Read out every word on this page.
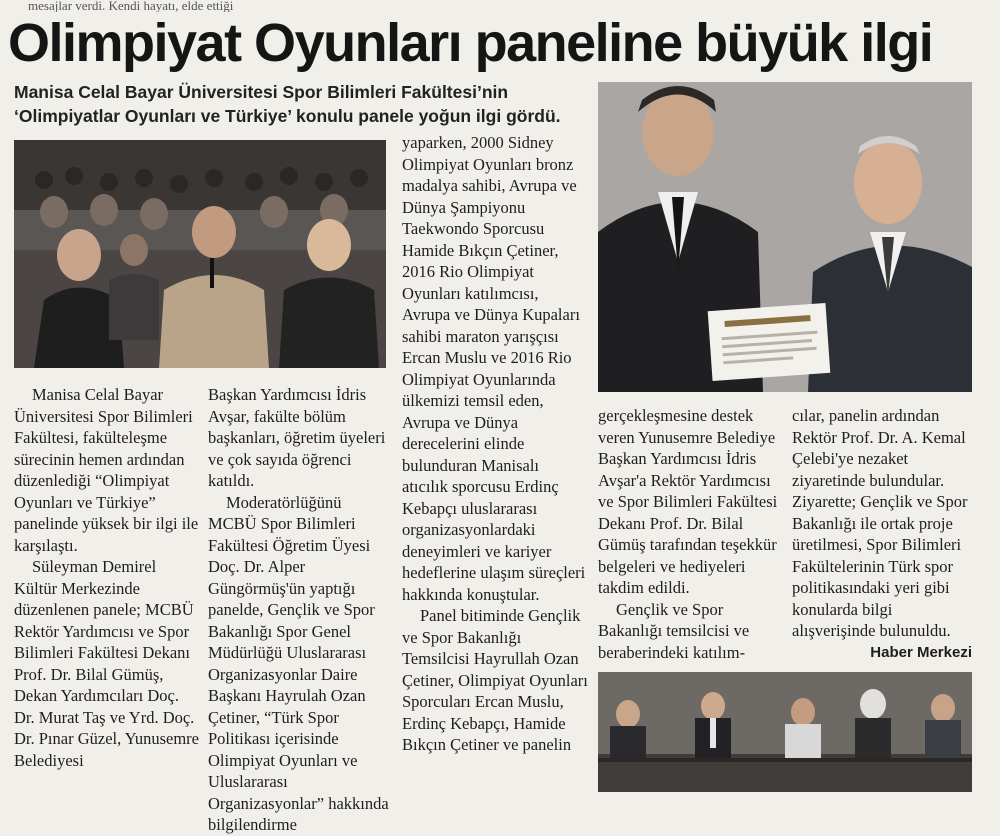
mesajlar verdi. Kendi hayatı, elde ettiği
Olimpiyat Oyunları paneline büyük ilgi
Manisa Celal Bayar Üniversitesi Spor Bilimleri Fakültesi’nin ‘Olimpiyatlar Oyunları ve Türkiye’ konulu panele yoğun ilgi gördü.

Manisa Celal Bayar Üniversitesi Spor Bilimleri Fakültesi, fakülteleşme sürecinin hemen ardından düzenlediği “Olimpiyat Oyunları ve Türkiye” panelinde yüksek bir ilgi ile karşılaştı.

Süleyman Demirel Kültür Merkezinde düzenlenen panele; MCBÜ Rektör Yardımcısı ve Spor Bilimleri Fakültesi Dekanı Prof. Dr. Bilal Gümüş, Dekan Yardımcıları Doç. Dr. Murat Taş ve Yrd. Doç. Dr. Pınar Güzel, Yunusemre Belediyesi

Başkan Yardımcısı İdris Avşar, fakülte bölüm başkanları, öğretim üyeleri ve çok sayıda öğrenci katıldı.

Moderatörlüğünü MCBÜ Spor Bilimleri Fakültesi Öğretim Üyesi Doç. Dr. Alper Güngörmüş'ün yaptığı panelde, Gençlik ve Spor Bakanlığı Spor Genel Müdürlüğü Uluslararası Organizasyonlar Daire Başkanı Hayrulah Ozan Çetiner, “Türk Spor Politikası içerisinde Olimpiyat Oyunları ve Uluslararası Organizasyonlar” hakkında bilgilendirme

yaparken, 2000 Sidney Olimpiyat Oyunları bronz madalya sahibi, Avrupa ve Dünya Şampiyonu Taekwondo Sporcusu Hamide Bıkçın Çetiner, 2016 Rio Olimpiyat Oyunları katılımcısı, Avrupa ve Dünya Kupaları sahibi maraton yarışçısı Ercan Muslu ve 2016 Rio Olimpiyat Oyunlarında ülkemizi temsil eden, Avrupa ve Dünya derecelerini elinde bulunduran Manisalı atıcılık sporcusu Erdinç Kebapçı uluslararası organizasyonlardaki deneyimleri ve kariyer hedeflerine ulaşım süreçleri hakkında konuştular.

Panel bitiminde Gençlik ve Spor Bakanlığı Temsilcisi Hayrullah Ozan Çetiner, Olimpiyat Oyunları Sporcuları Ercan Muslu, Erdinç Kebapçı, Hamide Bıkçın Çetiner ve panelin

gerçekleşmesine destek veren Yunusemre Belediye Başkan Yardımcısı İdris Avşar'a Rektör Yardımcısı ve Spor Bilimleri Fakültesi Dekanı Prof. Dr. Bilal Gümüş tarafından teşekkür belgeleri ve hediyeleri takdim edildi.

Gençlik ve Spor Bakanlığı temsilcisi ve beraberindeki katılım-

cılar, panelin ardından Rektör Prof. Dr. A. Kemal Çelebi'ye nezaket ziyaretinde bulundular. Ziyarette; Gençlik ve Spor Bakanlığı ile ortak proje üretilmesi, Spor Bilimleri Fakültelerinin Türk spor politikasındaki yeri gibi konularda bilgi alışverişinde bulunuldu.

Haber Merkezi
